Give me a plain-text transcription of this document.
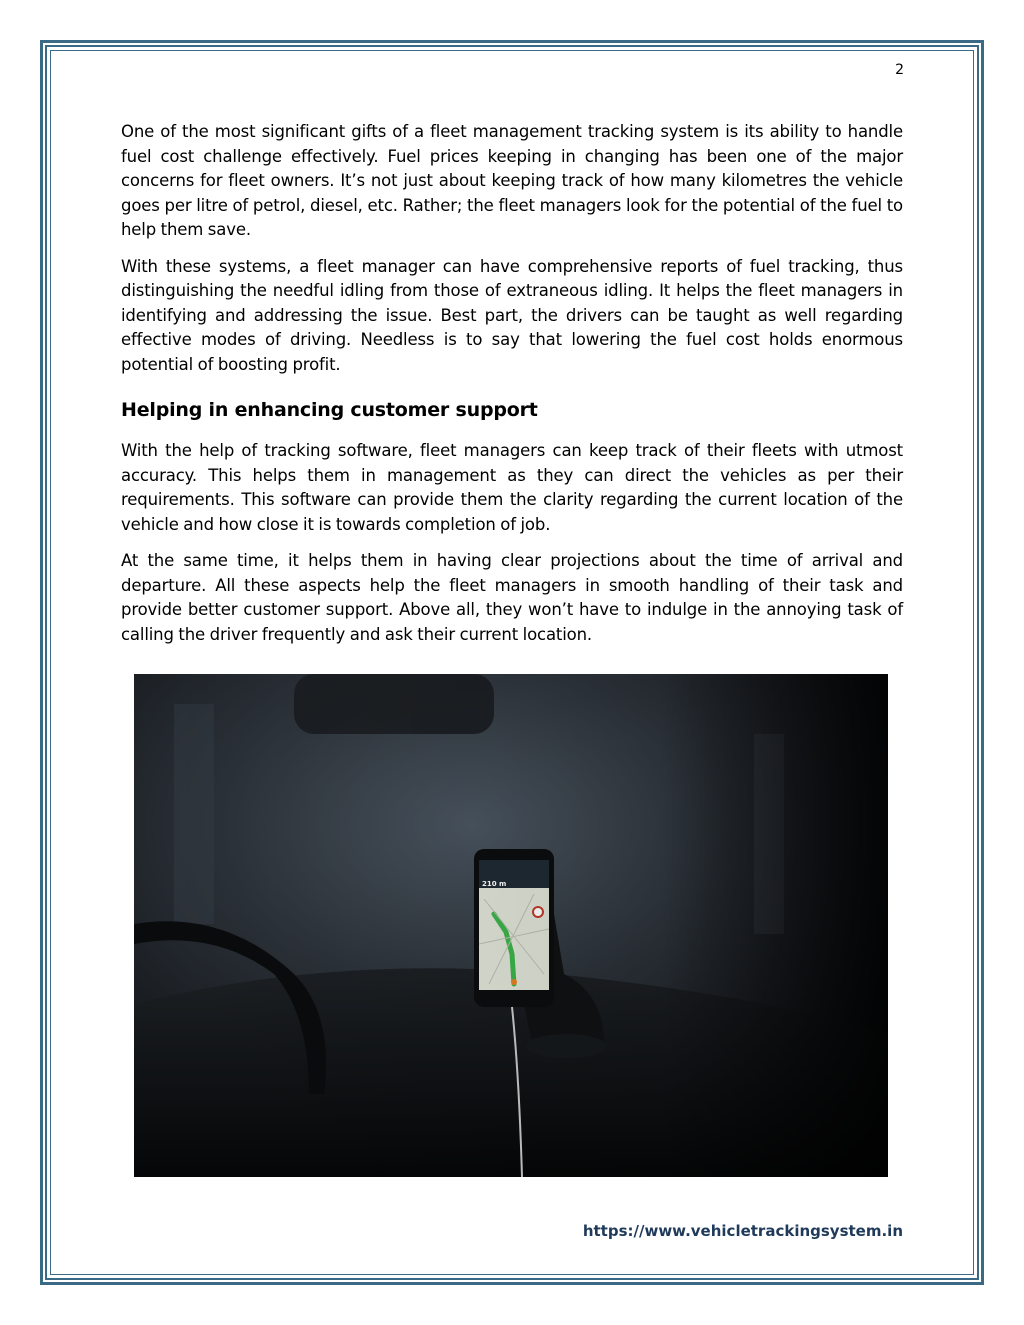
2

One of the most significant gifts of a fleet management tracking system is its ability to handle fuel cost challenge effectively. Fuel prices keeping in changing has been one of the major concerns for fleet owners. It’s not just about keeping track of how many kilometres the vehicle goes per litre of petrol, diesel, etc. Rather; the fleet managers look for the potential of the fuel to help them save.

With these systems, a fleet manager can have comprehensive reports of fuel tracking, thus distinguishing the needful idling from those of extraneous idling. It helps the fleet managers in identifying and addressing the issue. Best part, the drivers can be taught as well regarding effective modes of driving. Needless is to say that lowering the fuel cost holds enormous potential of boosting profit.

Helping in enhancing customer support

With the help of tracking software, fleet managers can keep track of their fleets with utmost accuracy. This helps them in management as they can direct the vehicles as per their requirements. This software can provide them the clarity regarding the current location of the vehicle and how close it is towards completion of job.

At the same time, it helps them in having clear projections about the time of arrival and departure. All these aspects help the fleet managers in smooth handling of their task and provide better customer support. Above all, they won’t have to indulge in the annoying task of calling the driver frequently and ask their current location.

https://www.vehicletrackingsystem.in
